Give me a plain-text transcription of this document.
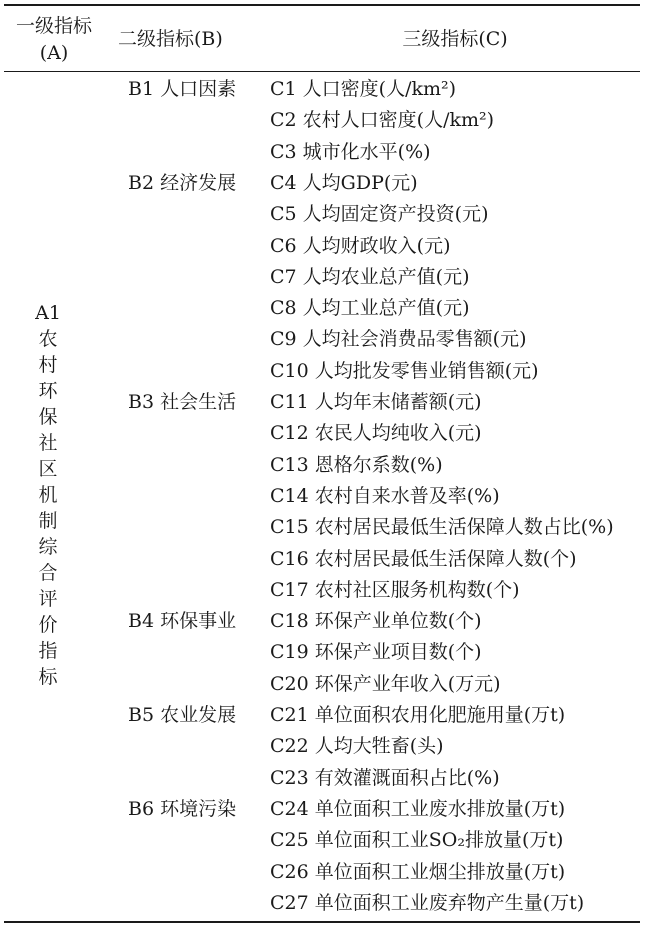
一级指标(A)
二级指标(B)	三级指标(C)
A1
农
村
环
保
社
区
机
制
综
合
评
价
指
标
B1 人口因素
B2 经济发展
B3 社会生活
B4 环保事业
B5 农业发展
B6 环境污染
C1 人口密度(人/km²)
C2 农村人口密度(人/km²)
C3 城市化水平(%)
C4 人均GDP(元)
C5 人均固定资产投资(元)
C6 人均财政收入(元)
C7 人均农业总产值(元)
C8 人均工业总产值(元)
C9 人均社会消费品零售额(元)
C10 人均批发零售业销售额(元)
C11 人均年末储蓄额(元)
C12 农民人均纯收入(元)
C13 恩格尔系数(%)
C14 农村自来水普及率(%)
C15 农村居民最低生活保障人数占比(%)
C16 农村居民最低生活保障人数(个)
C17 农村社区服务机构数(个)
C18 环保产业单位数(个)
C19 环保产业项目数(个)
C20 环保产业年收入(万元)
C21 单位面积农用化肥施用量(万t)
C22 人均大牲畜(头)
C23 有效灌溉面积占比(%)
C24 单位面积工业废水排放量(万t)
C25 单位面积工业SO₂排放量(万t)
C26 单位面积工业烟尘排放量(万t)
C27 单位面积工业废弃物产生量(万t)
